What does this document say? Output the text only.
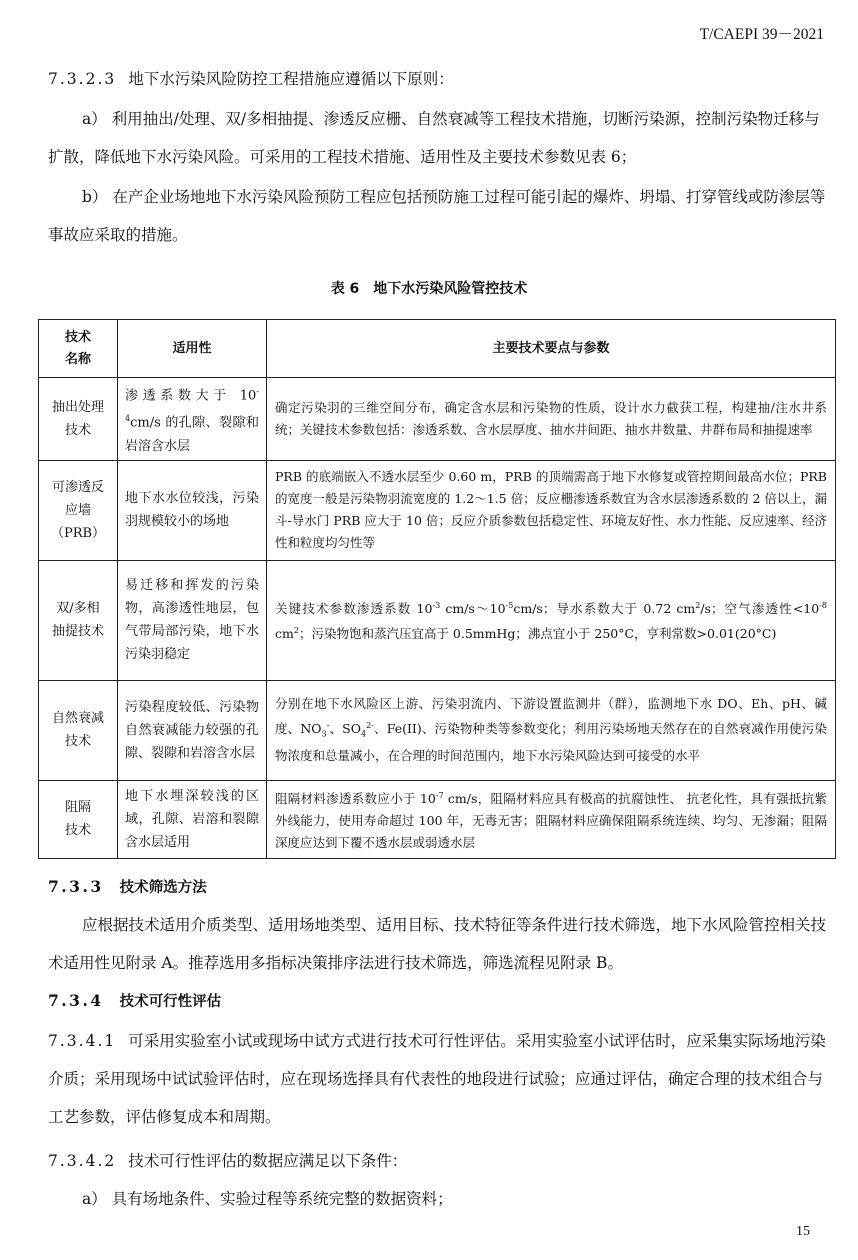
T/CAEPI 39－2021
7.3.2.3 地下水污染风险防控工程措施应遵循以下原则：
a） 利用抽出/处理、双/多相抽提、渗透反应栅、自然衰减等工程技术措施，切断污染源，控制污染物迁移与扩散，降低地下水污染风险。可采用的工程技术措施、适用性及主要技术参数见表 6；
b） 在产企业场地地下水污染风险预防工程应包括预防施工过程可能引起的爆炸、坍塌、打穿管线或防渗层等事故应采取的措施。
表 6　地下水污染风险管控技术
技术名称	适用性	主要技术要点与参数

抽出处理技术	渗透系数大于 $10^{-4}cm/s$ 的孔隙、裂隙和岩溶含水层	确定污染羽的三维空间分布，确定含水层和污染物的性质，设计水力截获工程，构建抽/注水井系统；关键技术参数包括：渗透系数、含水层厚度、抽水井间距、抽水井数量、井群布局和抽提速率

可渗透反应墙（PRB）	地下水水位较浅，污染羽规模较小的场地	PRB 的底端嵌入不透水层至少 0.60 m，PRB 的顶端需高于地下水修复或管控期间最高水位；PRB 的宽度一般是污染物羽流宽度的 1.2～1.5 倍；反应栅渗透系数宜为含水层渗透系数的 2 倍以上，漏斗-导水门 PRB 应大于 10 倍；反应介质参数包括稳定性、环境友好性、水力性能、反应速率、经济性和粒度均匀性等

双/多相抽提技术	易迁移和挥发的污染物，高渗透性地层，包气带局部污染，地下水污染羽稳定	关键技术参数渗透系数 $10^{-3}$ $cm/s\sim 10^{-5}cm/s$；导水系数大于 0.72 $cm^2/s$；空气渗透性$<10^{-8}$ $cm^2$；污染物饱和蒸汽压宜高于 0.5mmHg；沸点宜小于 250°C，亨利常数>0.01(20°C)

自然衰减技术	污染程度较低、污染物自然衰减能力较强的孔隙、裂隙和岩溶含水层	分别在地下水风险区上游、污染羽流内、下游设置监测井（群），监测地下水 DO、Eh、pH、碱度、$NO_3^-$、$SO_4^{2-}$、Fe(II)、污染物种类等参数变化；利用污染场地天然存在的自然衰减作用使污染物浓度和总量减小，在合理的时间范围内，地下水污染风险达到可接受的水平

阻隔技术	地下水埋深较浅的区域，孔隙、岩溶和裂隙含水层适用	阻隔材料渗透系数应小于 $10^{-7}$ cm/s，阻隔材料应具有极高的抗腐蚀性、 抗老化性，具有强抵抗紫外线能力，使用寿命超过 100 年，无毒无害；阻隔材料应确保阻隔系统连续、均匀、无渗漏；阻隔深度应达到下覆不透水层或弱透水层
7.3.3 技术筛选方法
应根据技术适用介质类型、适用场地类型、适用目标、技术特征等条件进行技术筛选，地下水风险管控相关技术适用性见附录 A。推荐选用多指标决策排序法进行技术筛选，筛选流程见附录 B。
7.3.4 技术可行性评估
7.3.4.1 可采用实验室小试或现场中试方式进行技术可行性评估。采用实验室小试评估时，应采集实际场地污染介质；采用现场中试试验评估时，应在现场选择具有代表性的地段进行试验；应通过评估，确定合理的技术组合与工艺参数，评估修复成本和周期。
7.3.4.2 技术可行性评估的数据应满足以下条件：
a） 具有场地条件、实验过程等系统完整的数据资料；
15
